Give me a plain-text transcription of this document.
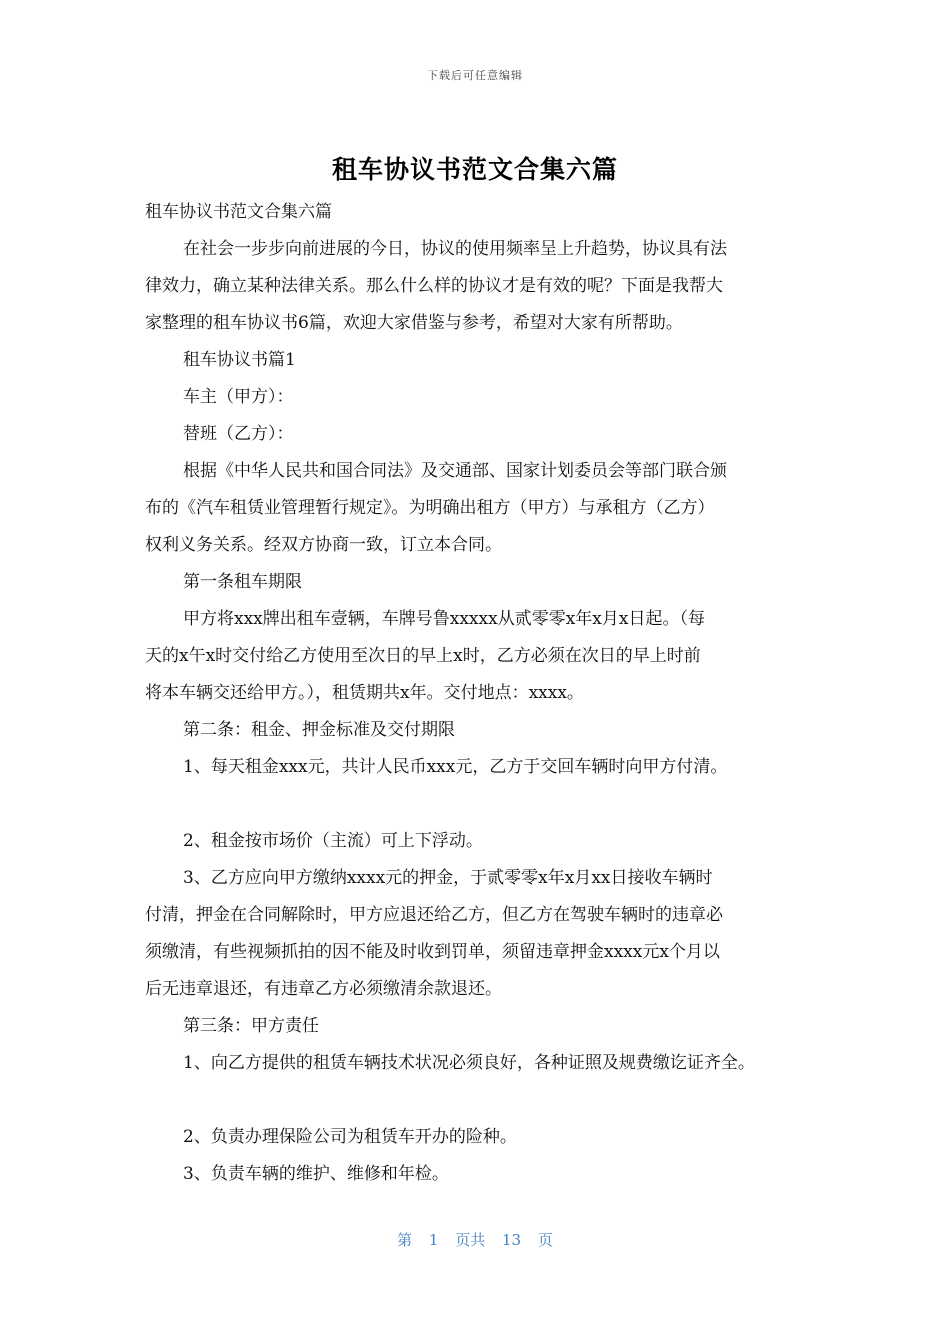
下载后可任意编辑
租车协议书范文合集六篇

租车协议书范文合集六篇

在社会一步步向前进展的今日，协议的使用频率呈上升趋势，协议具有法

律效力，确立某种法律关系。那么什么样的协议才是有效的呢？下面是我帮大

家整理的租车协议书6篇，欢迎大家借鉴与参考，希望对大家有所帮助。

租车协议书篇1

车主（甲方）：

替班（乙方）：

根据《中华人民共和国合同法》及交通部、国家计划委员会等部门联合颁

布的《汽车租赁业管理暂行规定》。为明确出租方（甲方）与承租方（乙方）

权利义务关系。经双方协商一致，订立本合同。

第一条租车期限

甲方将xxx牌出租车壹辆，车牌号鲁xxxxx从贰零零x年x月x日起。（每

天的x午x时交付给乙方使用至次日的早上x时，乙方必须在次日的早上时前

将本车辆交还给甲方。），租赁期共x年。交付地点：xxxx。

第二条：租金、押金标准及交付期限

1、每天租金xxx元，共计人民币xxx元，乙方于交回车辆时向甲方付清。

2、租金按市场价（主流）可上下浮动。

3、乙方应向甲方缴纳xxxx元的押金，于贰零零x年x月xx日接收车辆时

付清，押金在合同解除时，甲方应退还给乙方，但乙方在驾驶车辆时的违章必

须缴清，有些视频抓拍的因不能及时收到罚单，须留违章押金xxxx元x个月以

后无违章退还，有违章乙方必须缴清余款退还。

第三条：甲方责任

1、向乙方提供的租赁车辆技术状况必须良好，各种证照及规费缴讫证齐全。

2、负责办理保险公司为租赁车开办的险种。

3、负责车辆的维护、维修和年检。

第 1 页共 13 页
